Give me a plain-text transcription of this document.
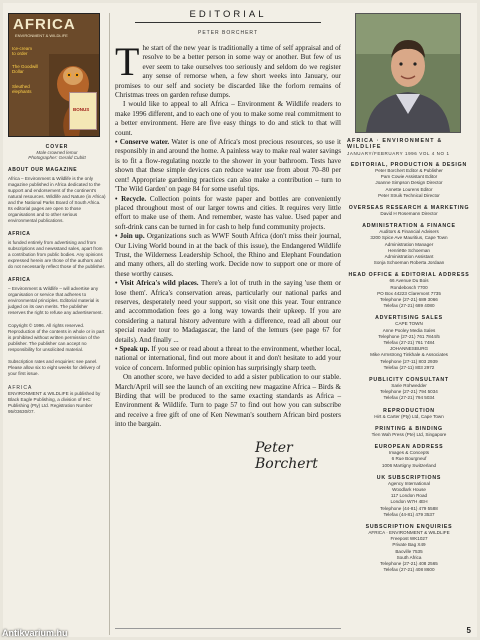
AFRICA
ENVIRONMENT & WILDLIFE
Ice-cream
to order
The Goodwill
Dollar
Sleuthed
elephants
BONUS
COVER
Male crowned lemur
Photographer: Gerald Cubitt
ABOUT OUR MAGAZINE
Africa – Environment & Wildlife is the only magazine published in Africa dedicated to the support and endorsement of the continent's natural resources. Wildlife and Nature (in Africa) and the National Parks Board of South Africa. Its editorial pages are open to those organisations and to other serious environmental publications.
AFRICA
is funded entirely from advertising and from subscriptions and newsstand sales, apart from a contribution from public bodies. Any opinions expressed herein are those of the authors and do not necessarily reflect those of the publisher.
AFRICA
– Environment & Wildlife – will advertise any organisation or service that adheres to environmental principles. Editorial material is judged on its own merits. The publisher reserves the right to refuse any advertisement.
Copyright © 1996. All rights reserved. Reproduction of the contents in whole or in part is prohibited without written permission of the publisher. The publisher can accept no responsibility for unsolicited material.
Subscription rates and enquiries: see panel. Please allow six to eight weeks for delivery of your first issue.
AFRICA
ENVIRONMENT & WILDLIFE is published by Black Eagle Publishing, a division of IHC Publishing (Pty) Ltd. Registration Number 95/03630/07.
EDITORIAL
PETER BORCHERT

The start of the new year is traditionally a time of self appraisal and of resolve to be a better person in some way or another. But few of us ever seem to take ourselves too seriously and seldom do we register any sense of remorse when, a few short weeks into January, our promises to our self and society be discarded like the forlorn remains of Christmas trees on garden refuse dumps.

I would like to appeal to all Africa – Environment & Wildlife readers to make 1996 different, and to each one of you to make some real commitment to a better environment. Here are five easy things to do and stick to that will count.

• Conserve water. Water is one of Africa's most precious resources, so use it responsibly in and around the home. A painless way to make real water savings is to fit a flow-regulating nozzle to the shower in your bathroom. Tests have shown that these simple devices can reduce water use from about 70–80 per cent! Appropriate gardening practices can also make a contribution – turn to 'The Wild Garden' on page 84 for some useful tips.

• Recycle. Collection points for waste paper and bottles are conveniently placed throughout most of our larger towns and cities. It requires very little effort to make use of them. And remember, waste has value. Used paper and soft-drink cans can be turned in for cash to help fund community projects.

• Join up. Organizations such as WWF South Africa (don't miss their journal, Our Living World bound in at the back of this issue), the Endangered Wildlife Trust, the Wilderness Leadership School, the Rhino and Elephant Foundation and many others, all do sterling work. Decide now to support one or more of these worthy causes.

• Visit Africa's wild places. There's a lot of truth in the saying 'use them or lose them'. Africa's conservation areas, particularly our national parks and reserves, desperately need your support, so visit one this year. Tour entrance and accommodation fees go a long way towards their upkeep. If you are considering a natural history adventure with a difference, read all about our special reader tour to Madagascar, the land of the lemurs (see page 67 for details). And finally ...

• Speak up. If you see or read about a threat to the environment, whether local, national or international, find out more about it and don't hesitate to add your voice of concern. Informed public opinion has surprisingly sharp teeth.

On another score, we have decided to add a sister publication to our stable. March/April will see the launch of an exciting new magazine Africa – Birds & Birding that will be produced to the same exacting standards as Africa – Environment & Wildlife. Turn to page 57 to find out how you can subscribe and receive a free gift of one of Ken Newman's southern African bird posters into the bargain.

Peter Borchert
AFRICA · ENVIRONMENT & WILDLIFE
JANUARY/FEBRUARY 1996 VOL 4 NO 1
EDITORIAL, PRODUCTION & DESIGN
Peter Borchert Editor & Publisher
Pam Cowie Assistant Editor
Joanne Simpson Design Director
Annette Lourens Editor
Peter Struik Technical Director
OVERSEAS RESEARCH & MARKETING
David H Rosemann Director
ADMINISTRATION & FINANCE
Auditors & Financial Advisers
3200 Spice Ave Mauritius, Cape Town
Administration Manager
Henriëtte Schoeman
Administration Assistant
Sonja Schoeman Roberta Jordaan
HEAD OFFICE & EDITORIAL ADDRESS
66 Avenue Du Bois
Rondebosch 7700
PO Box 44223 Claremont 7735
Telephone (27-21) 689 3066
Telefax (27-21) 689 4080
ADVERTISING SALES
CAPE TOWN
Anne Pooley Media Sales
Telephone (27-21) 761 7844/5
Telefax (27-21) 761 7484
JOHANNESBURG
Mike Armstrong Tinkhale & Associates
Telephone (27-11) 803 2939
Telefax (27-11) 803 2972
PUBLICITY CONSULTANT
Sarie Rohwedder
Telephone (27-21) 794 5034
Telefax (27-21) 794 5034
REPRODUCTION
Hirt & Carter (Pty) Ltd, Cape Town
PRINTING & BINDING
Tien Wah Press (Pte) Ltd, Singapore
EUROPEAN ADDRESS
Images & Concepts
6 Rue Bourgneuf
1006 Martigny Switzerland
UK SUBSCRIPTIONS
Agency International
Woodlark House
117 London Road
London W7H 4EH
Telephone (44-81) 479 5588
Telefax (44-81) 479 3537
SUBSCRIPTION ENQUIRIES
AFRICA · ENVIRONMENT & WILDLIFE
Freepost WK1027
Private Bag X49
Bacville 7535
South Africa
Telephone (27-21) 408 2565
Telefax (27-21) 408 8600
5
Antikvarium.hu
